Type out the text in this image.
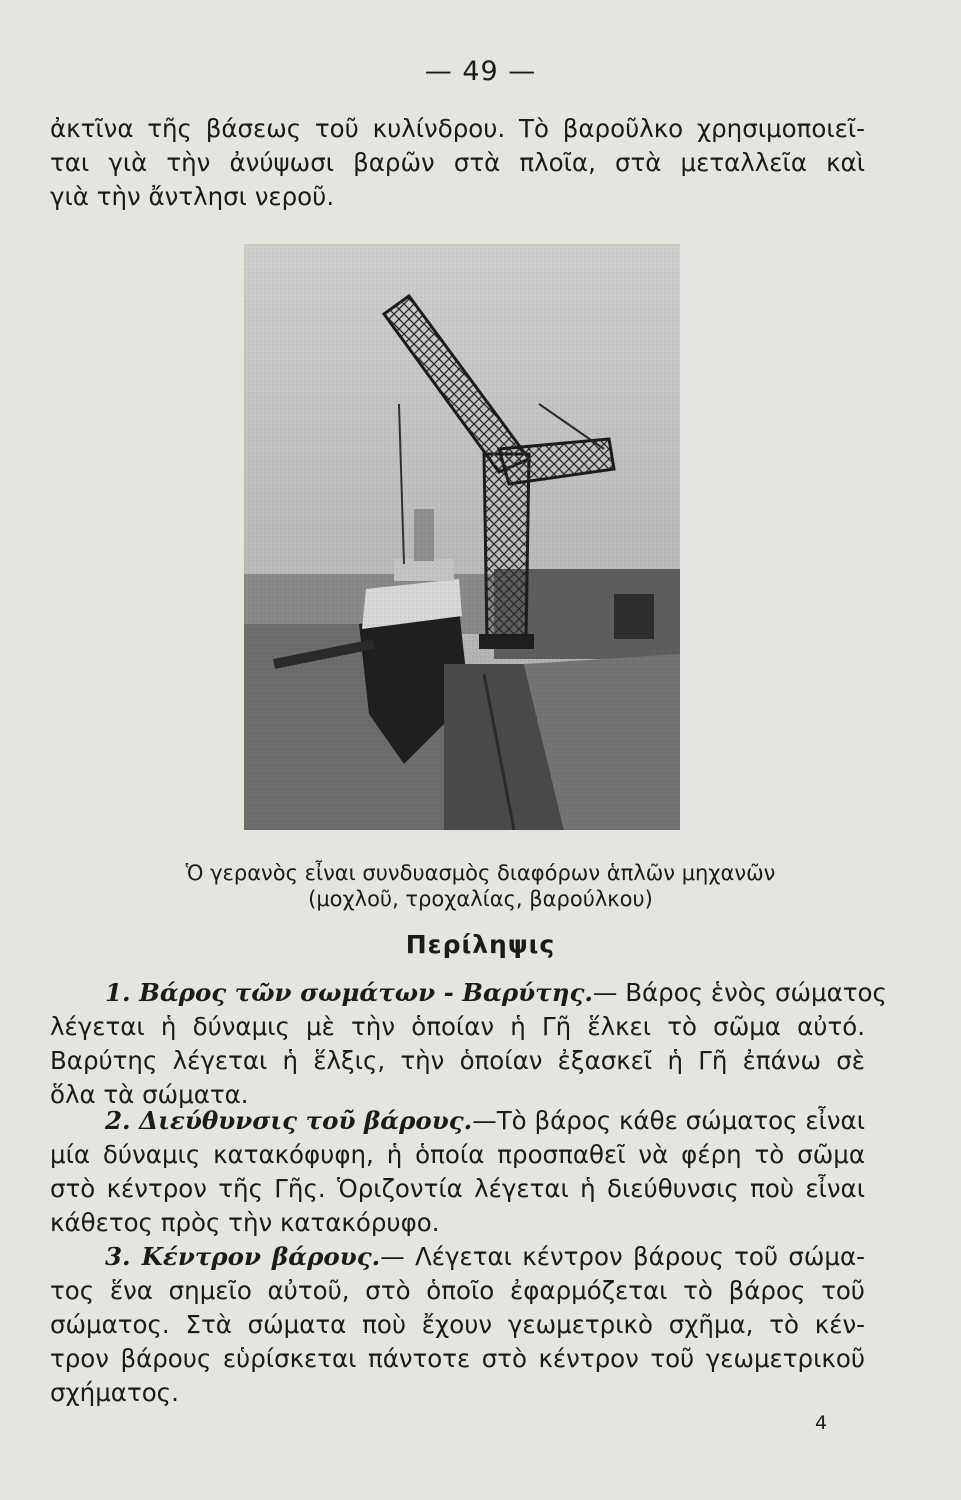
— 49 —

ἀκτῖνα τῆς βάσεως τοῦ κυλίνδρου. Τὸ βαροῦλκο χρησιμοποιεῖ-
ται γιὰ τὴν ἀνύψωσι βαρῶν στὰ πλοῖα, στὰ μεταλλεῖα καὶ
γιὰ τὴν ἄντλησι νεροῦ.

Ὁ γερανὸς εἶναι συνδυασμὸς διαφόρων ἁπλῶν μηχανῶν

(μοχλοῦ, τροχαλίας, βαρούλκου)

Περίληψις

1. Βάρος τῶν σωμάτων - Βαρύτης.— Βάρος ἑνὸς σώματος
λέγεται ἡ δύναμις μὲ τὴν ὁποίαν ἡ Γῆ ἕλκει τὸ σῶμα αὐτό.
Βαρύτης λέγεται ἡ ἕλξις, τὴν ὁποίαν ἐξασκεῖ ἡ Γῆ ἐπάνω σὲ
ὅλα τὰ σώματα.

2. Διεύθυνσις τοῦ βάρους.—Τὸ βάρος κάθε σώματος εἶναι
μία δύναμις κατακόφυφη, ἡ ὁποία προσπαθεῖ νὰ φέρη τὸ σῶμα
στὸ κέντρον τῆς Γῆς. Ὁριζοντία λέγεται ἡ διεύθυνσις ποὺ εἶναι
κάθετος πρὸς τὴν κατακόρυφο.

3. Κέντρον βάρους.— Λέγεται κέντρον βάρους τοῦ σώμα-
τος ἕνα σημεῖο αὐτοῦ, στὸ ὁποῖο ἐφαρμόζεται τὸ βάρος τοῦ
σώματος. Στὰ σώματα ποὺ ἔχουν γεωμετρικὸ σχῆμα, τὸ κέν-
τρον βάρους εὑρίσκεται πάντοτε στὸ κέντρον τοῦ γεωμετρικοῦ
σχήματος.

4
